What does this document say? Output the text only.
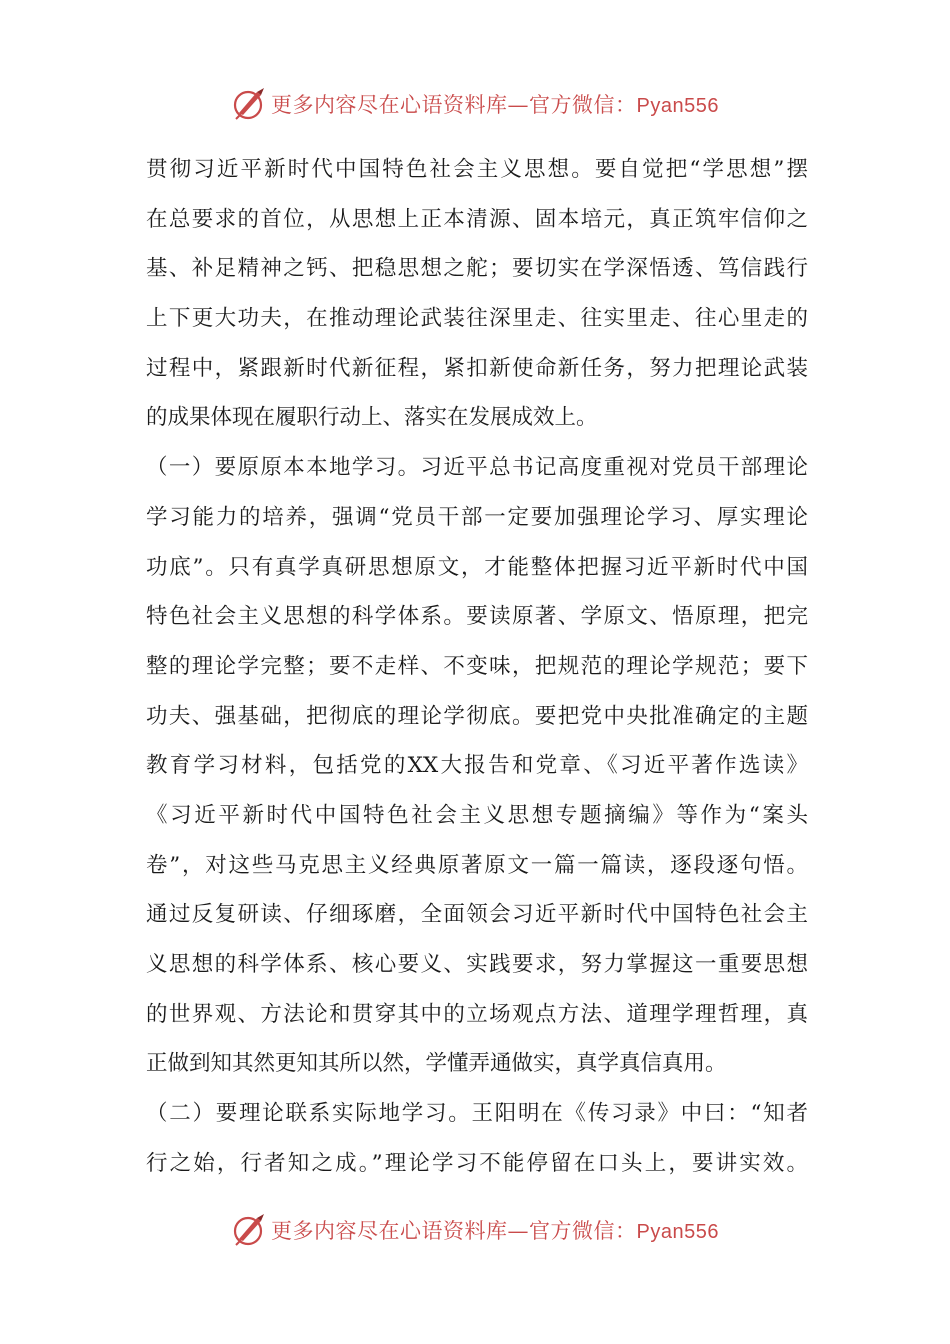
更多内容尽在心语资料库—官方微信：Pyan556
贯彻习近平新时代中国特色社会主义思想。要自觉把“学思想”摆
在总要求的首位，从思想上正本清源、固本培元，真正筑牢信仰之
基、补足精神之钙、把稳思想之舵；要切实在学深悟透、笃信践行
上下更大功夫，在推动理论武装往深里走、往实里走、往心里走的
过程中，紧跟新时代新征程，紧扣新使命新任务，努力把理论武装
的成果体现在履职行动上、落实在发展成效上。
（一）要原原本本地学习。习近平总书记高度重视对党员干部理论
学习能力的培养，强调“党员干部一定要加强理论学习、厚实理论
功底”。只有真学真研思想原文，才能整体把握习近平新时代中国
特色社会主义思想的科学体系。要读原著、学原文、悟原理，把完
整的理论学完整；要不走样、不变味，把规范的理论学规范；要下
功夫、强基础，把彻底的理论学彻底。要把党中央批准确定的主题
教育学习材料，包括党的XX大报告和党章、《习近平著作选读》
《习近平新时代中国特色社会主义思想专题摘编》等作为“案头
卷”，对这些马克思主义经典原著原文一篇一篇读，逐段逐句悟。
通过反复研读、仔细琢磨，全面领会习近平新时代中国特色社会主
义思想的科学体系、核心要义、实践要求，努力掌握这一重要思想
的世界观、方法论和贯穿其中的立场观点方法、道理学理哲理，真
正做到知其然更知其所以然，学懂弄通做实，真学真信真用。
（二）要理论联系实际地学习。王阳明在《传习录》中曰：“知者
行之始，行者知之成。”理论学习不能停留在口头上，要讲实效。
更多内容尽在心语资料库—官方微信：Pyan556
